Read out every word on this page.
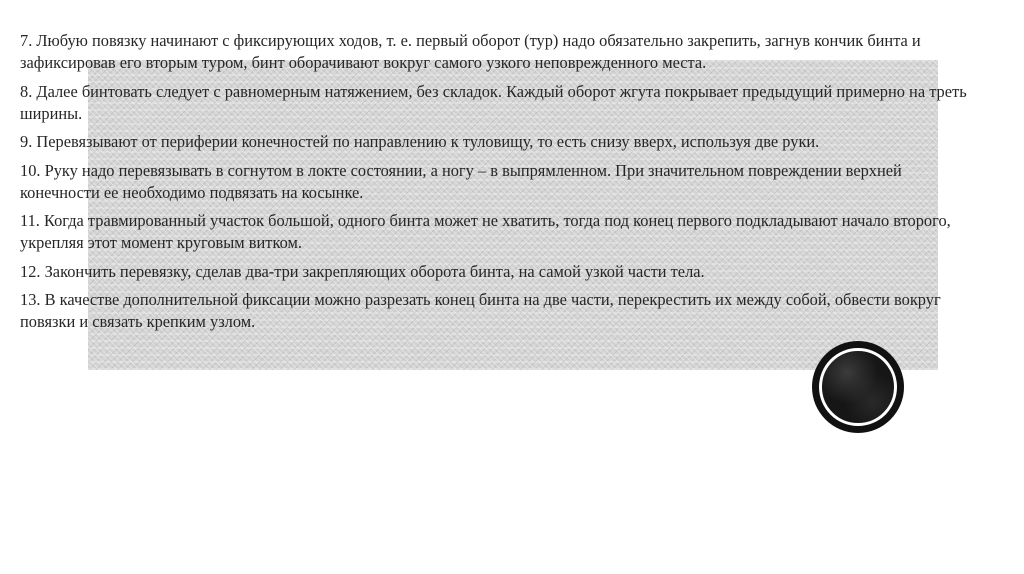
7. Любую повязку начинают с фиксирующих ходов, т. е. первый оборот (тур) надо обязательно закрепить, загнув кончик бинта и зафиксировав его вторым туром, бинт оборачивают вокруг самого узкого неповрежденного места.

8. Далее бинтовать следует с равномерным натяжением, без складок. Каждый оборот жгута покрывает предыдущий примерно на треть ширины.

9. Перевязывают от периферии конечностей по направлению к туловищу, то есть снизу вверх, используя две руки.

10. Руку надо перевязывать в согнутом в локте состоянии, а ногу – в выпрямленном. При значительном повреждении верхней конечности ее необходимо подвязать на косынке.

11. Когда травмированный участок большой, одного бинта может не хватить, тогда под конец первого подкладывают начало второго, укрепляя этот момент круговым витком.

12. Закончить перевязку, сделав два-три закрепляющих оборота бинта, на самой узкой части тела.

13. В качестве дополнительной фиксации можно разрезать конец бинта на две части, перекрестить их между собой, обвести вокруг повязки и связать крепким узлом.
